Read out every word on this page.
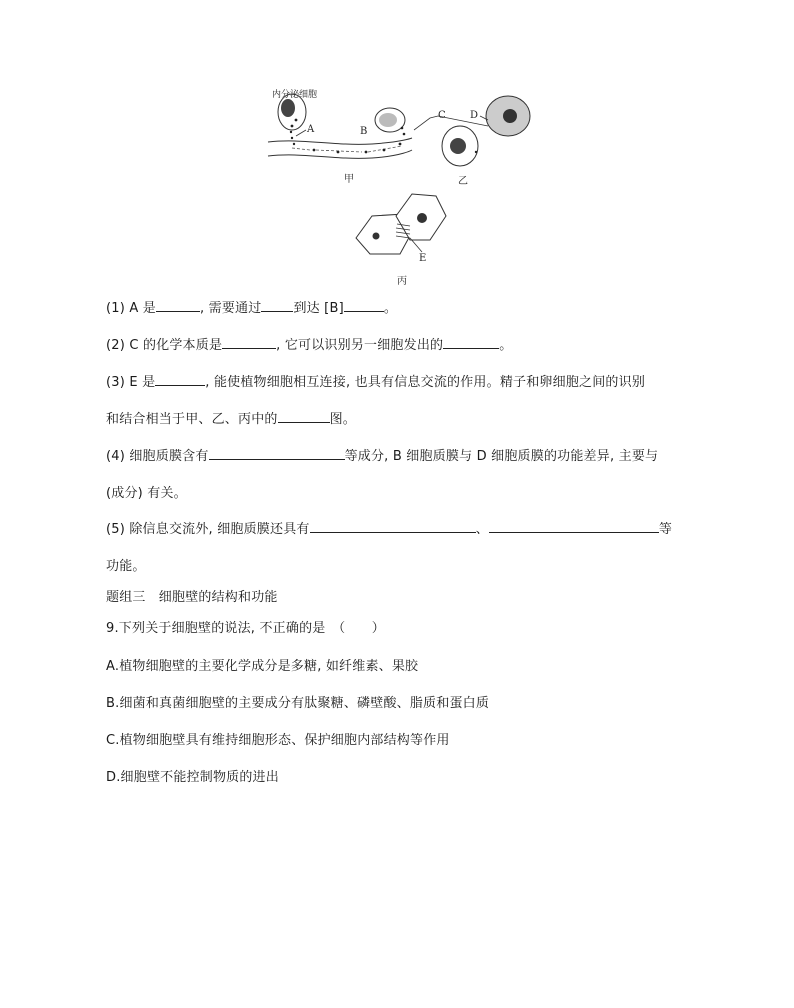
内分泌细胞
A	B
C D
甲	乙
E
丙
(1) A 是	, 需要通过 到达 [B]	。
(2) C 的化学本质是	, 它可以识别另一细胞发出的	。
(3) E 是	, 能使植物细胞相互连接, 也具有信息交流的作用。精子和卵细胞之间的识别
和结合相当于甲、乙、丙中的	图。
(4) 细胞质膜含有	等成分, B 细胞质膜与 D 细胞质膜的功能差异, 主要与
(成分) 有关。
(5) 除信息交流外, 细胞质膜还具有	、	等
功能。
题组三　细胞壁的结构和功能
9.下列关于细胞壁的说法, 不正确的是　（　　）
A.植物细胞壁的主要化学成分是多糖, 如纤维素、果胶
B.细菌和真菌细胞壁的主要成分有肽聚糖、磷壁酸、脂质和蛋白质
C.植物细胞壁具有维持细胞形态、保护细胞内部结构等作用
D.细胞壁不能控制物质的进出
